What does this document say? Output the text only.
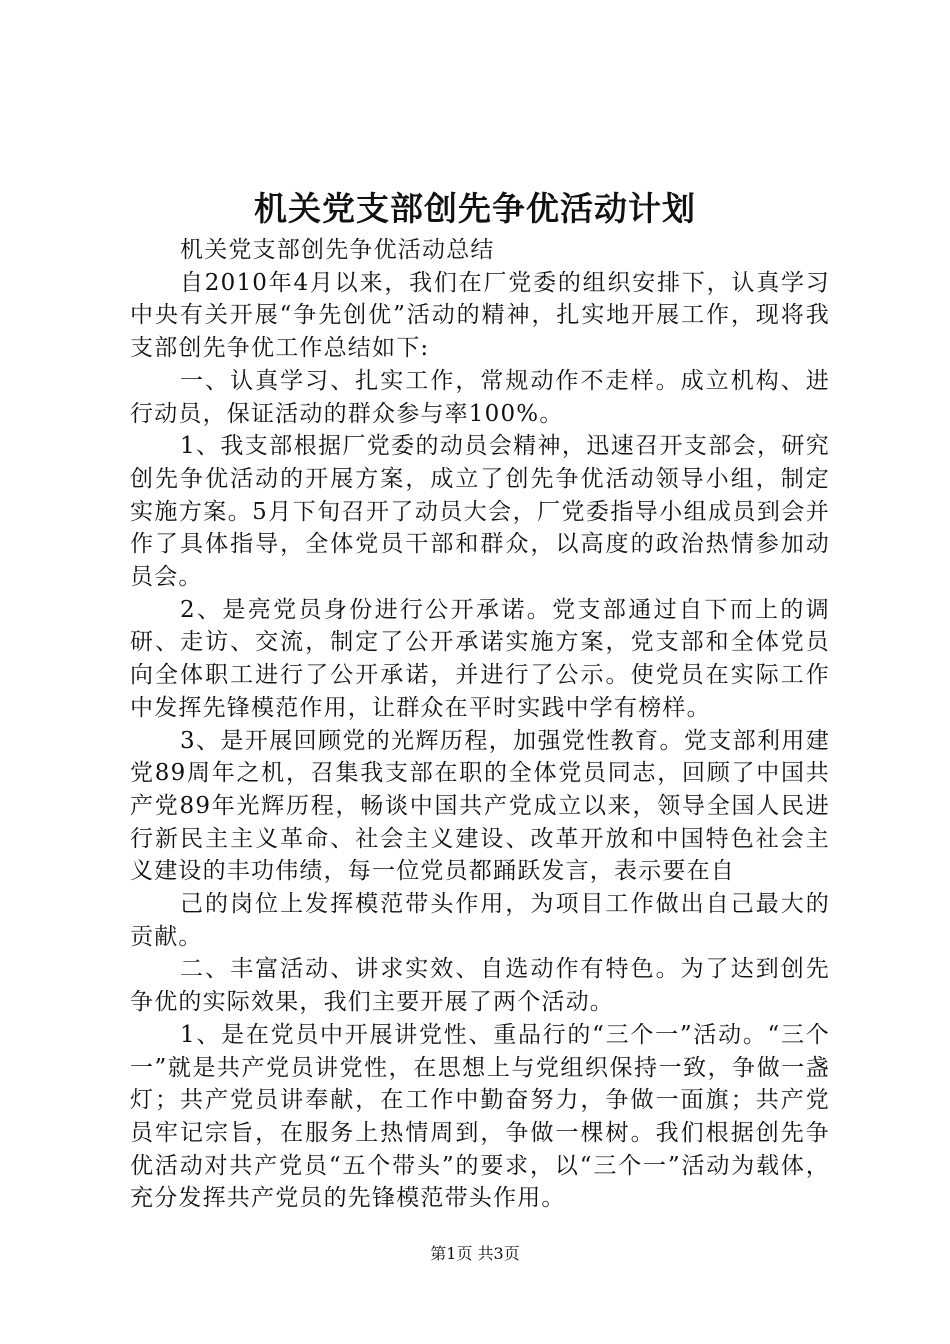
机关党支部创先争优活动计划

机关党支部创先争优活动总结

自2010年4月以来，我们在厂党委的组织安排下，认真学习中央有关开展“争先创优”活动的精神，扎实地开展工作，现将我支部创先争优工作总结如下:

一、认真学习、扎实工作，常规动作不走样。成立机构、进行动员，保证活动的群众参与率100%。

1、我支部根据厂党委的动员会精神，迅速召开支部会，研究创先争优活动的开展方案，成立了创先争优活动领导小组，制定实施方案。5月下旬召开了动员大会，厂党委指导小组成员到会并作了具体指导，全体党员干部和群众，以高度的政治热情参加动员会。

2、是亮党员身份进行公开承诺。党支部通过自下而上的调研、走访、交流，制定了公开承诺实施方案，党支部和全体党员向全体职工进行了公开承诺，并进行了公示。使党员在实际工作中发挥先锋模范作用，让群众在平时实践中学有榜样。

3、是开展回顾党的光辉历程，加强党性教育。党支部利用建党89周年之机，召集我支部在职的全体党员同志，回顾了中国共产党89年光辉历程，畅谈中国共产党成立以来，领导全国人民进行新民主主义革命、社会主义建设、改革开放和中国特色社会主义建设的丰功伟绩，每一位党员都踊跃发言，表示要在自

己的岗位上发挥模范带头作用，为项目工作做出自己最大的贡献。

二、丰富活动、讲求实效、自选动作有特色。为了达到创先争优的实际效果，我们主要开展了两个活动。

1、是在党员中开展讲党性、重品行的“三个一”活动。“三个一”就是共产党员讲党性，在思想上与党组织保持一致，争做一盏灯；共产党员讲奉献，在工作中勤奋努力，争做一面旗；共产党员牢记宗旨，在服务上热情周到，争做一棵树。我们根据创先争优活动对共产党员“五个带头”的要求，以“三个一”活动为载体，充分发挥共产党员的先锋模范带头作用。

第1页 共3页
